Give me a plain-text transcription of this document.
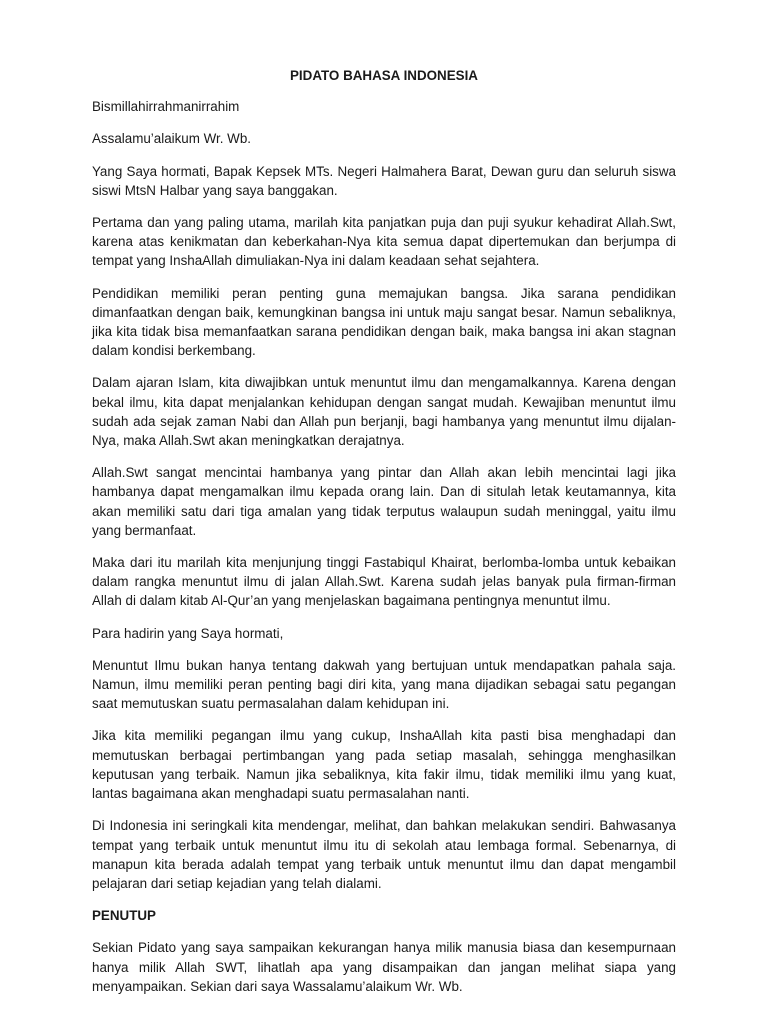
PIDATO BAHASA INDONESIA

Bismillahirrahmanirrahim

Assalamu’alaikum Wr. Wb.

Yang Saya hormati, Bapak Kepsek MTs. Negeri Halmahera Barat, Dewan guru dan seluruh siswa siswi MtsN Halbar yang saya banggakan.

Pertama dan yang paling utama, marilah kita panjatkan puja dan puji syukur kehadirat Allah.Swt, karena atas kenikmatan dan keberkahan-Nya kita semua dapat dipertemukan dan berjumpa di tempat yang InshaAllah dimuliakan-Nya ini dalam keadaan sehat sejahtera.

Pendidikan memiliki peran penting guna memajukan bangsa. Jika sarana pendidikan dimanfaatkan dengan baik, kemungkinan bangsa ini untuk maju sangat besar. Namun sebaliknya, jika kita tidak bisa memanfaatkan sarana pendidikan dengan baik, maka bangsa ini akan stagnan dalam kondisi berkembang.

Dalam ajaran Islam, kita diwajibkan untuk menuntut ilmu dan mengamalkannya. Karena dengan bekal ilmu, kita dapat menjalankan kehidupan dengan sangat mudah. Kewajiban menuntut ilmu sudah ada sejak zaman Nabi dan Allah pun berjanji, bagi hambanya yang menuntut ilmu dijalan-Nya, maka Allah.Swt akan meningkatkan derajatnya.

Allah.Swt sangat mencintai hambanya yang pintar dan Allah akan lebih mencintai lagi jika hambanya dapat mengamalkan ilmu kepada orang lain. Dan di situlah letak keutamannya, kita akan memiliki satu dari tiga amalan yang tidak terputus walaupun sudah meninggal, yaitu ilmu yang bermanfaat.

Maka dari itu marilah kita menjunjung tinggi Fastabiqul Khairat, berlomba-lomba untuk kebaikan dalam rangka menuntut ilmu di jalan Allah.Swt. Karena sudah jelas banyak pula firman-firman Allah di dalam kitab Al-Qur’an yang menjelaskan bagaimana pentingnya menuntut ilmu.

Para hadirin yang Saya hormati,

Menuntut Ilmu bukan hanya tentang dakwah yang bertujuan untuk mendapatkan pahala saja. Namun, ilmu memiliki peran penting bagi diri kita, yang mana dijadikan sebagai satu pegangan saat memutuskan suatu permasalahan dalam kehidupan ini.

Jika kita memiliki pegangan ilmu yang cukup, InshaAllah kita pasti bisa menghadapi dan memutuskan berbagai pertimbangan yang pada setiap masalah, sehingga menghasilkan keputusan yang terbaik. Namun jika sebaliknya, kita fakir ilmu, tidak memiliki ilmu yang kuat, lantas bagaimana akan menghadapi suatu permasalahan nanti.

Di Indonesia ini seringkali kita mendengar, melihat, dan bahkan melakukan sendiri. Bahwasanya tempat yang terbaik untuk menuntut ilmu itu di sekolah atau lembaga formal. Sebenarnya, di manapun kita berada adalah tempat yang terbaik untuk menuntut ilmu dan dapat mengambil pelajaran dari setiap kejadian yang telah dialami.

PENUTUP

Sekian Pidato yang saya sampaikan kekurangan hanya milik manusia biasa dan kesempurnaan hanya milik Allah SWT, lihatlah apa yang disampaikan dan jangan melihat siapa yang menyampaikan. Sekian dari saya Wassalamu’alaikum Wr. Wb.
